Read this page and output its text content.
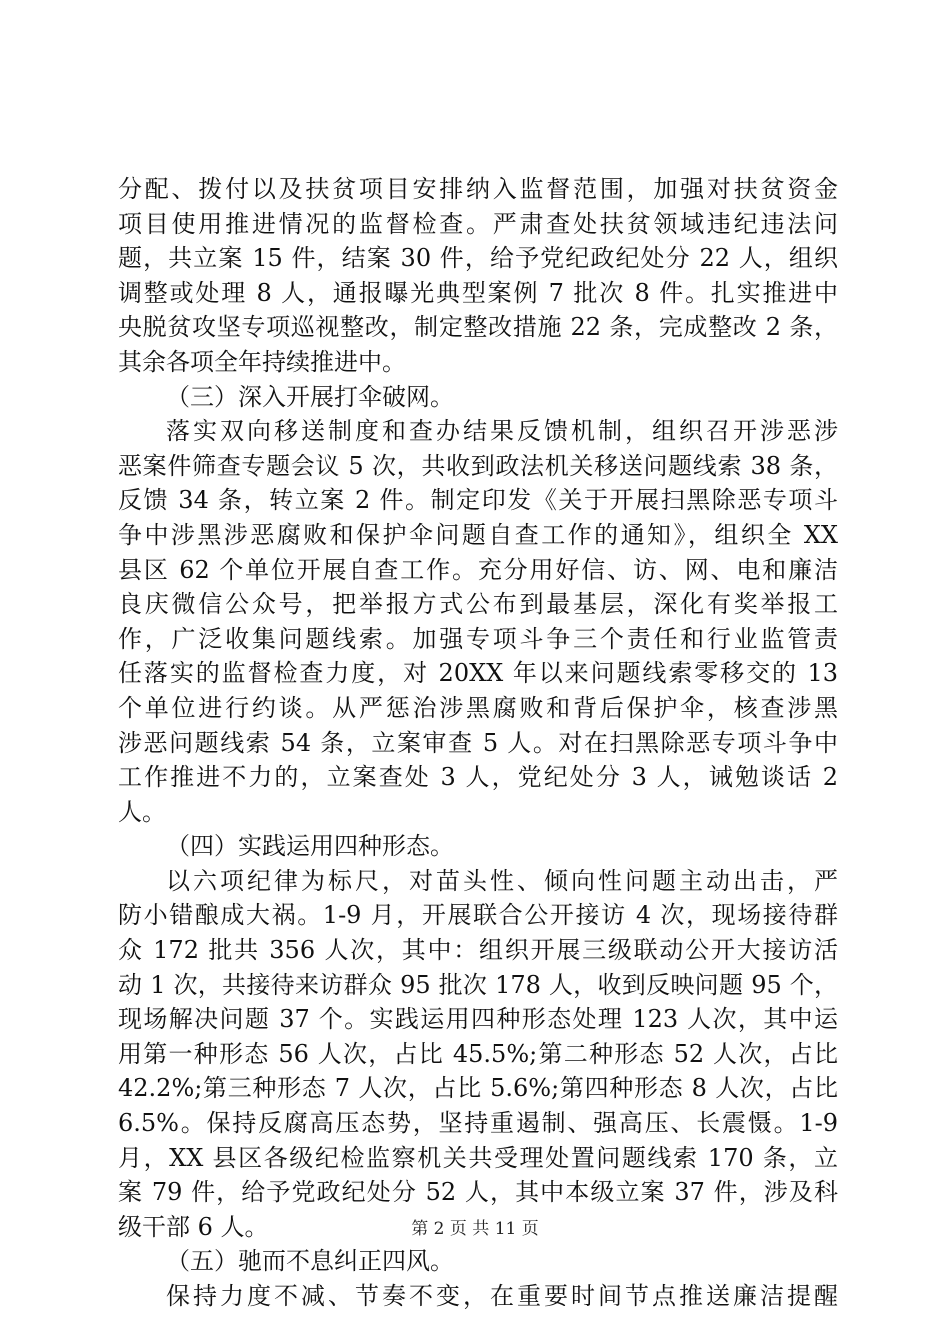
分配、拨付以及扶贫项目安排纳入监督范围，加强对扶贫资金
项目使用推进情况的监督检查。严肃查处扶贫领域违纪违法问
题，共立案 15 件，结案 30 件，给予党纪政纪处分 22 人，组织
调整或处理 8 人，通报曝光典型案例 7 批次 8 件。扎实推进中
央脱贫攻坚专项巡视整改，制定整改措施 22 条，完成整改 2 条，
其余各项全年持续推进中。
（三）深入开展打伞破网。
落实双向移送制度和查办结果反馈机制，组织召开涉恶涉
恶案件筛查专题会议 5 次，共收到政法机关移送问题线索 38 条，
反馈 34 条，转立案 2 件。制定印发《关于开展扫黑除恶专项斗
争中涉黑涉恶腐败和保护伞问题自查工作的通知》，组织全 XX
县区 62 个单位开展自查工作。充分用好信、访、网、电和廉洁
良庆微信公众号，把举报方式公布到最基层，深化有奖举报工
作，广泛收集问题线索。加强专项斗争三个责任和行业监管责
任落实的监督检查力度，对 20XX 年以来问题线索零移交的 13
个单位进行约谈。从严惩治涉黑腐败和背后保护伞，核查涉黑
涉恶问题线索 54 条，立案审查 5 人。对在扫黑除恶专项斗争中
工作推进不力的，立案查处 3 人，党纪处分 3 人，诫勉谈话 2
人。
（四）实践运用四种形态。
以六项纪律为标尺，对苗头性、倾向性问题主动出击，严
防小错酿成大祸。1-9 月，开展联合公开接访 4 次，现场接待群
众 172 批共 356 人次，其中：组织开展三级联动公开大接访活
动 1 次，共接待来访群众 95 批次 178 人，收到反映问题 95 个，
现场解决问题 37 个。实践运用四种形态处理 123 人次，其中运
用第一种形态 56 人次，占比 45.5%;第二种形态 52 人次，占比
42.2%;第三种形态 7 人次，占比 5.6%;第四种形态 8 人次，占比
6.5%。保持反腐高压态势，坚持重遏制、强高压、长震慑。1-9
月，XX 县区各级纪检监察机关共受理处置问题线索 170 条，立
案 79 件，给予党政纪处分 52 人，其中本级立案 37 件，涉及科
级干部 6 人。
（五）驰而不息纠正四风。
保持力度不减、节奏不变，在重要时间节点推送廉洁提醒
第 2 页 共 11 页
